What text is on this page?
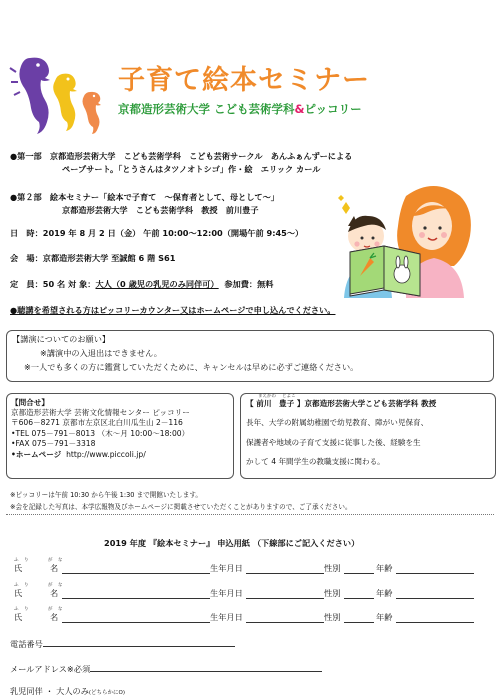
子育て絵本セミナー
京都造形芸術大学 こども芸術学科&ピッコリー
●第一部　京都造形芸術大学　こども芸術学科　こども芸術サークル　あんふぁんずーによる
ペープサート。「とうさんはタツノオトシゴ」作・絵　エリック カール
●第２部　絵本セミナー「絵本で子育て　～保育者として、母として～」
京都造形芸術大学　こども芸術学科　教授　前川豊子
日　時：2019 年 8 月 2 日（金） 午前 10:00～12:00（開場午前 9:45～）
会　場：京都造形芸術大学 至誠館 6 階 S61
定　員：50 名 対 象：大人（0 歳児の乳児のみ同伴可） 参加費：無料
●聴講を希望される方はピッコリーカウンター又はホームページで申し込んでください。
【講演についてのお願い】
※講演中の入退出はできません。
※一人でも多くの方に鑑賞していただくために、キャンセルは早めに必ずご連絡ください。
【問合せ】
京都造形芸術大学 芸術文化情報センター ピッコリー
〒606－8271 京都市左京区北白川瓜生山 2－116
•TEL 075－791－8013 （木～月 10:00～18:00）
•FAX 075－791－3318
•ホームページ http://www.piccoli.jp/
まえかわ とよこ
【 前川　豊子 】京都造形芸術大学こども芸術学科 教授
長年、大学の附属幼稚園で幼児教育、障がい児保育、
保護者や地域の子育て支援に従事した後、経験を生
かして 4 年間学生の教職支援に関わる。
※ピッコリーは午前 10:30 から午後 1:30 まで開館いたします。
※会を記録した写真は、本学広報物及びホームページに掲載させていただくことがありますので、ご了承ください。
2019 年度 『絵本セミナー』 申込用紙 （下線部にご記入ください）
ふ り	が な
氏	名	生年月日	性別	年齢
ふ り	が な
氏	名	生年月日	性別	年齢
ふ り	が な
氏	名	生年月日	性別	年齢
電話番号
メールアドレス※必須
乳児同伴 ・ 大人のみ(どちらかにO)
